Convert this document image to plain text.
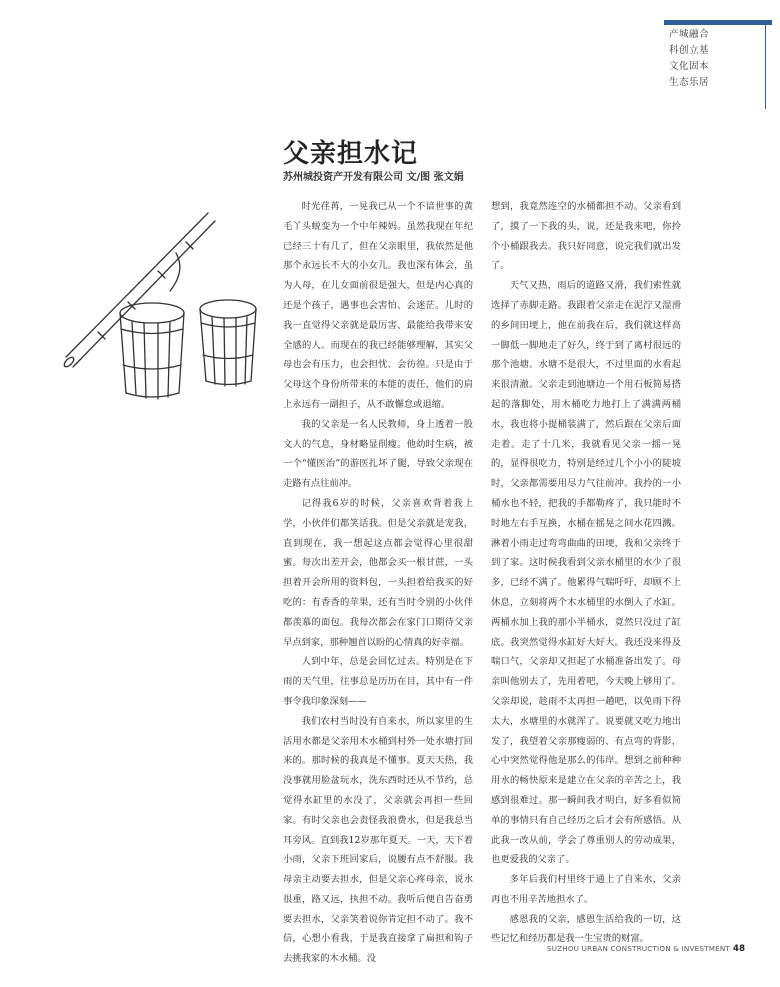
产城融合
科创立基
文化固本
生态乐居
父亲担水记
苏州城投资产开发有限公司 文/图 张文娟

时光荏苒，一晃我已从一个不谙世事的黄毛丫头蜕变为一个中年辣妈。虽然我现在年纪已经三十有几了，但在父亲眼里，我依然是他那个永远长不大的小女儿。我也深有体会，虽为人母，在儿女面前很是强大，但是内心真的还是个孩子，遇事也会害怕、会迷茫。儿时的我一直觉得父亲就是最厉害、最能给我带来安全感的人。而现在的我已经能够理解，其实父母也会有压力，也会担忧、会彷徨。只是由于父母这个身份所带来的本能的责任，他们的肩上永远有一副担子，从不敢懈怠或退缩。

我的父亲是一名人民教师，身上透着一股文人的气息，身材略显削瘦。他幼时生病，被一个“懂医治”的游医扎坏了腿，导致父亲现在走路有点往前冲。

记得我6岁的时候，父亲喜欢背着我上学，小伙伴们都笑话我。但是父亲就是宠我，直到现在，我一想起这点都会觉得心里很甜蜜。每次出差开会，他都会买一根甘蔗，一头担着开会所用的资料包，一头担着给我买的好吃的：有香香的苹果，还有当时令别的小伙伴都羡慕的面包。我每次都会在家门口期待父亲早点到家，那种翘首以盼的心情真的好幸福。

人到中年，总是会回忆过去。特别是在下雨的天气里，往事总是历历在目，其中有一件事令我印象深刻——

我们农村当时没有自来水，所以家里的生活用水都是父亲用木水桶到村外一处水塘打回来的。那时候的我真是不懂事。夏天天热，我没事就用脸盆玩水，洗东西时还从不节约，总觉得水缸里的水没了，父亲就会再担一些回家。有时父亲也会责怪我浪费水，但是我总当耳旁风。直到我12岁那年夏天。一天，天下着小雨，父亲下班回家后，说腰有点不舒服。我母亲主动要去担水，但是父亲心疼母亲，说水很重，路又远，执担不动。我听后便自告奋勇要去担水，父亲笑着说你肯定担不动了。我不信，心想小看我，于是我直接拿了扁担和钩子去挑我家的木水桶。没

想到，我竟然连空的水桶都担不动。父亲看到了，摸了一下我的头，说，还是我来吧，你拎个小桶跟我去。我只好同意，说完我们就出发了。

天气又热，雨后的道路又滑，我们索性就选择了赤脚走路。我跟着父亲走在泥泞又湿滑的乡间田埂上，他在前我在后，我们就这样高一脚低一脚地走了好久，终于到了离村很远的那个池塘。水塘不是很大，不过里面的水看起来很清澈。父亲走到池塘边一个用石板简易搭起的落脚处，用木桶吃力地打上了满满两桶水，我也将小提桶装满了，然后跟在父亲后面走着。走了十几米，我就看见父亲一摇一晃的，显得很吃力，特别是经过几个小小的陡坡时，父亲都需要用尽力气往前冲。我拎的一小桶水也不轻，把我的手都勒疼了，我只能时不时地左右手互换，水桶在摇晃之间水花四溅。淋着小雨走过弯弯曲曲的田埂，我和父亲终于到了家。这时候我看到父亲水桶里的水少了很多，已经不满了。他累得气喘吁吁，却顾不上休息，立刻将两个木水桶里的水倒入了水缸。两桶水加上我的那小半桶水，竟然只没过了缸底。我突然觉得水缸好大好大。我还没来得及喘口气，父亲却又担起了水桶准备出发了。母亲叫他别去了，先用着吧，今天晚上够用了。父亲却说，趁雨不太再担一趟吧，以免雨下得太大，水塘里的水就浑了。说要就又吃力地出发了，我望着父亲那瘦弱的、有点弯的背影，心中突然觉得他是那么的伟岸。想到之前种种用水的畅快原来是建立在父亲的辛苦之上，我感到很难过。那一瞬间我才明白，好多看似简单的事情只有自己经历之后才会有所感悟。从此我一改从前，学会了尊重别人的劳动成果，也更爱我的父亲了。

多年后我们村里终于通上了自来水，父亲再也不用辛苦地担水了。

感恩我的父亲，感恩生活给我的一切，这些记忆和经历都是我一生宝贵的财富。

SUZHOU URBAN CONSTRUCTION & INVESTMENT 48
